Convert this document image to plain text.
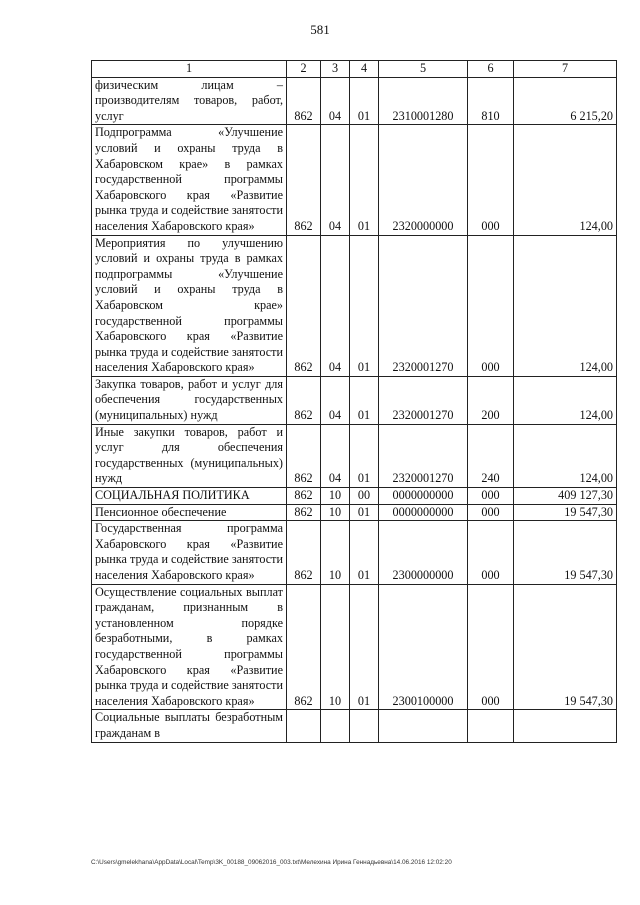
581
1	2	3	4	5	6	7
физическим лицам – производителям товаров, работ, услуг	862	04	01	2310001280	810	6 215,20
Подпрограмма «Улучшение условий и охраны труда в Хабаровском крае» в рамках государственной программы Хабаровского края «Развитие рынка труда и содействие занятости населения Хабаровского края»	862	04	01	2320000000	000	124,00
Мероприятия по улучшению условий и охраны труда в рамках подпрограммы «Улучшение условий и охраны труда в Хабаровском крае» государственной программы Хабаровского края «Развитие рынка труда и содействие занятости населения Хабаровского края»	862	04	01	2320001270	000	124,00
Закупка товаров, работ и услуг для обеспечения государственных (муниципальных) нужд	862	04	01	2320001270	200	124,00
Иные закупки товаров, работ и услуг для обеспечения государственных (муниципальных) нужд	862	04	01	2320001270	240	124,00
СОЦИАЛЬНАЯ ПОЛИТИКА	862	10	00	0000000000	000	409 127,30
Пенсионное обеспечение	862	10	01	0000000000	000	19 547,30
Государственная программа Хабаровского края «Развитие рынка труда и содействие занятости населения Хабаровского края»	862	10	01	2300000000	000	19 547,30
Осуществление социальных выплат гражданам, признанным в установленном порядке безработными, в рамках государственной программы Хабаровского края «Развитие рынка труда и содействие занятости населения Хабаровского края»	862	10	01	2300100000	000	19 547,30
Социальные выплаты безработным гражданам в						
C:\Users\gmelekhana\AppData\Local\Temp\3K_00188_09062016_003.txt\Мелехина Ирина Геннадьевна\14.06.2016 12:02:20
